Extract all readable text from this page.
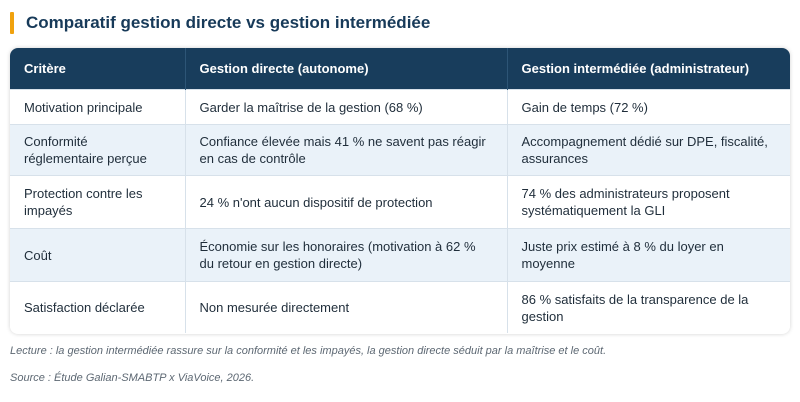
Comparatif gestion directe vs gestion intermédiée
Critère	Gestion directe (autonome)	Gestion intermédiée (administrateur)
Motivation principale	Garder la maîtrise de la gestion (68 %)	Gain de temps (72 %)
Conformité réglementaire perçue	Confiance élevée mais 41 % ne savent pas réagir en cas de contrôle	Accompagnement dédié sur DPE, fiscalité, assurances
Protection contre les impayés	24 % n'ont aucun dispositif de protection	74 % des administrateurs proposent systématiquement la GLI
Coût	Économie sur les honoraires (motivation à 62 % du retour en gestion directe)	Juste prix estimé à 8 % du loyer en moyenne
Satisfaction déclarée	Non mesurée directement	86 % satisfaits de la transparence de la gestion

Lecture : la gestion intermédiée rassure sur la conformité et les impayés, la gestion directe séduit par la maîtrise et le coût.

Source : Étude Galian-SMABTP x ViaVoice, 2026.
